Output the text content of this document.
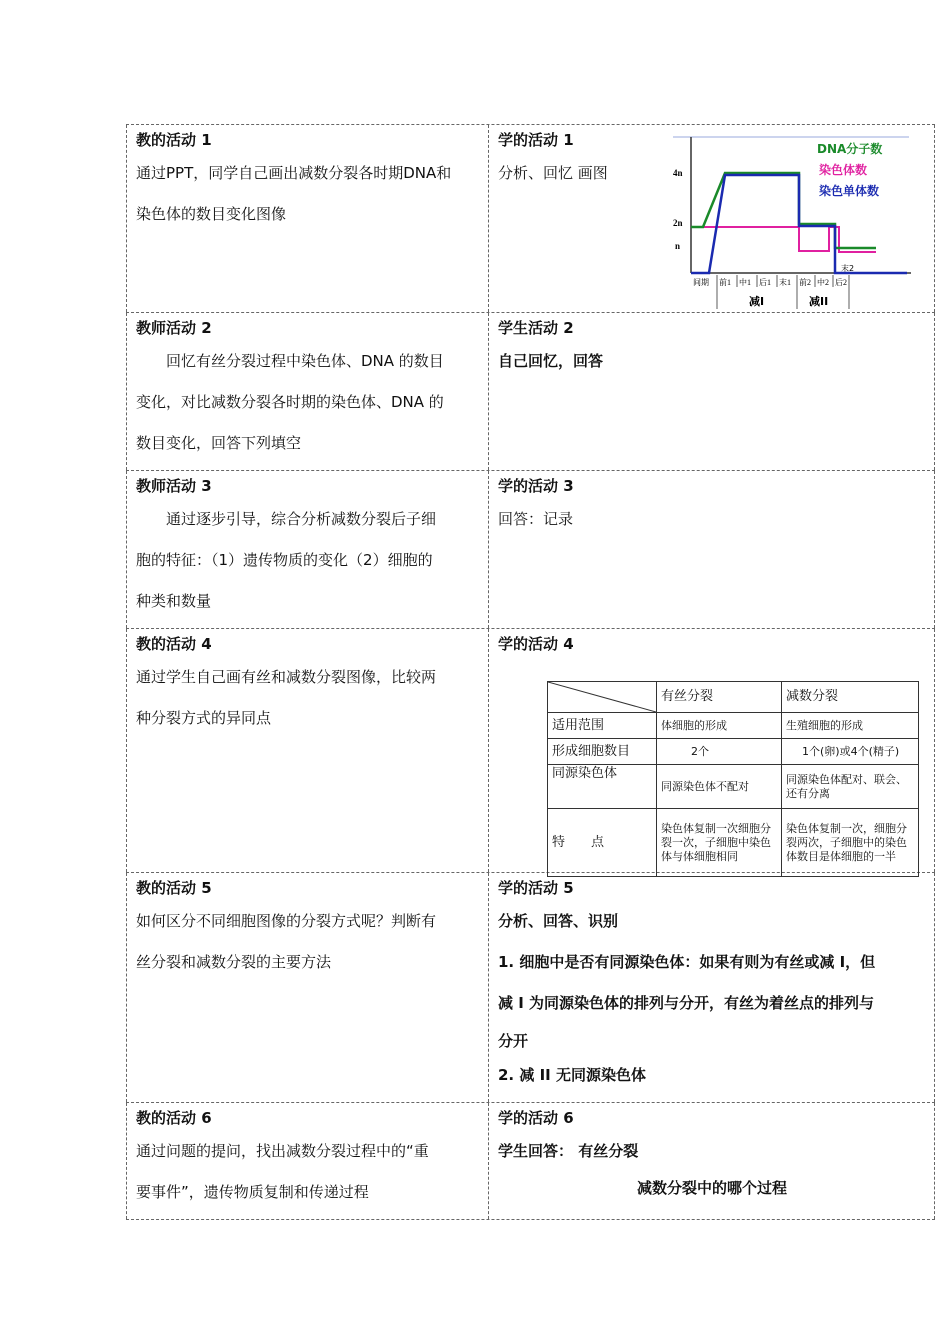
教的活动 1

通过PPT，同学自己画出减数分裂各时期DNA和

染色体的数目变化图像

学的活动 1

分析、回忆 画图	4n
2n
n
DNA分子数
染色体数
染色单体数
末2
间期 前1 中1 后1 末1 前2 中2 后2
减I	减II
教师活动 2

回忆有丝分裂过程中染色体、DNA 的数目

变化，对比减数分裂各时期的染色体、DNA 的

数目变化，回答下列填空

学生活动 2

自己回忆，回答

教师活动 3

通过逐步引导，综合分析减数分裂后子细

胞的特征：（1）遗传物质的变化（2）细胞的

种类和数量

学的活动 3

回答：记录

教的活动 4

通过学生自己画有丝和减数分裂图像，比较两

种分裂方式的异同点

学的活动 4
	有丝分裂	减数分裂
适用范围	体细胞的形成	生殖细胞的形成
形成细胞数目	2个	1个(卵)或4个(精子)
同源染色体	同源染色体不配对	同源染色体配对、联会、还有分离
特　　点	染色体复制一次细胞分裂一次，子细胞中染色体与体细胞相同	染色体复制一次，细胞分裂两次，子细胞中的染色体数目是体细胞的一半
教的活动 5

如何区分不同细胞图像的分裂方式呢？判断有

丝分裂和减数分裂的主要方法

学的活动 5

分析、回答、识别

1. 细胞中是否有同源染色体：如果有则为有丝或减 I，但

减 I 为同源染色体的排列与分开，有丝为着丝点的排列与

分开

2. 减 II 无同源染色体

教的活动 6

通过问题的提问，找出减数分裂过程中的“重

要事件”，遗传物质复制和传递过程

学的活动 6

学生回答： 有丝分裂

减数分裂中的哪个过程
